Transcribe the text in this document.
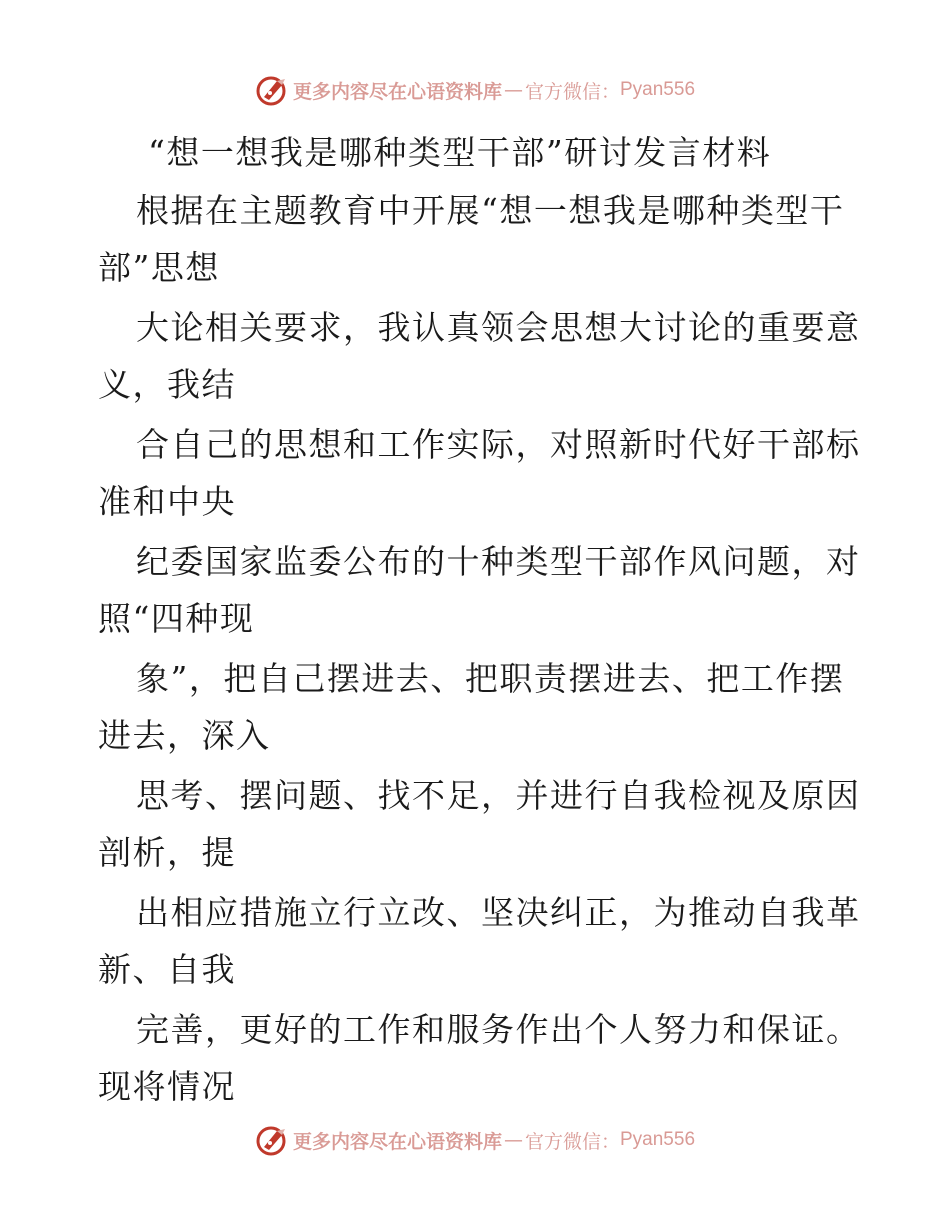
更多内容尽在心语资料库 — 官方微信： Pyan556
“想一想我是哪种类型干部”研讨发言材料
根据在主题教育中开展“想一想我是哪种类型干
部”思想
大论相关要求，我认真领会思想大讨论的重要意
义，我结
合自己的思想和工作实际，对照新时代好干部标
准和中央
纪委国家监委公布的十种类型干部作风问题，对
照“四种现
象”，把自己摆进去、把职责摆进去、把工作摆
进去，深入
思考、摆问题、找不足，并进行自我检视及原因
剖析，提
出相应措施立行立改、坚决纠正，为推动自我革
新、自我
完善，更好的工作和服务作出个人努力和保证。
现将情况
更多内容尽在心语资料库 — 官方微信： Pyan556
